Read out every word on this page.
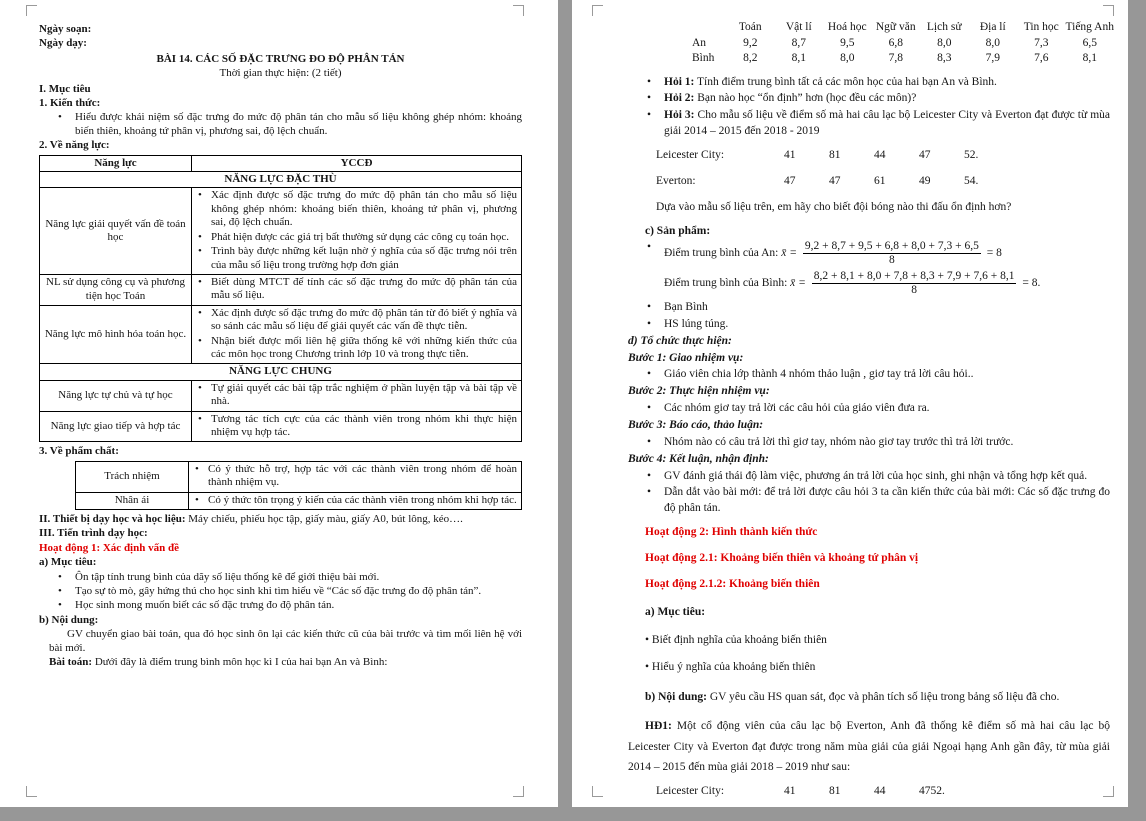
Ngày soạn:

Ngày dạy:

BÀI 14. CÁC SỐ ĐẶC TRƯNG ĐO ĐỘ PHÂN TÁN

Thời gian thực hiện: (2 tiết)

I. Mục tiêu

1. Kiến thức:

• Hiểu được khái niệm số đặc trưng đo mức độ phân tán cho mẫu số liệu không ghép nhóm: khoảng biến thiên, khoảng tứ phân vị, phương sai, độ lệch chuẩn.

2. Về năng lực:

Năng lực	YCCĐ
NĂNG LỰC ĐẶC THÙ	
Năng lực giải quyết vấn đề toán học	• Xác định được số đặc trưng đo mức độ phân tán cho mẫu số liệu không ghép nhóm: khoảng biến thiên, khoảng tứ phân vị, phương sai, độ lệch chuẩn.
• Phát hiện được các giá trị bất thường sử dụng các công cụ toán học.
• Trình bày được những kết luận nhờ ý nghĩa của số đặc trưng nói trên của mẫu số liệu trong trường hợp đơn giản

NL sử dụng công cụ và phương tiện học Toán	• Biết dùng MTCT để tính các số đặc trưng đo mức độ phân tán của mẫu số liệu.

Năng lực mô hình hóa toán học.	• Xác định được số đặc trưng đo mức độ phân tán từ đó biết ý nghĩa và so sánh các mẫu số liệu để giải quyết các vấn đề thực tiễn.
• Nhận biết được mối liên hệ giữa thống kê với những kiến thức của các môn học trong Chương trình lớp 10 và trong thực tiễn.

NĂNG LỰC CHUNG	
Năng lực tự chủ và tự học	• Tự giải quyết các bài tập trắc nghiệm ở phần luyện tập và bài tập về nhà.

Năng lực giao tiếp và hợp tác	• Tương tác tích cực của các thành viên trong nhóm khi thực hiện nhiệm vụ hợp tác.

3. Về phẩm chất:

Trách nhiệm	• Có ý thức hỗ trợ, hợp tác với các thành viên trong nhóm để hoàn thành nhiệm vụ.

Nhân ái	• Có ý thức tôn trọng ý kiến của các thành viên trong nhóm khi hợp tác.

II. Thiết bị dạy học và học liệu: Máy chiếu, phiếu học tập, giấy màu, giấy A0, bút lông, kéo….

III. Tiến trình dạy học:

Hoạt động 1: Xác định vấn đề

a) Mục tiêu:

• Ôn tập tính trung bình của dãy số liệu thống kê để giới thiệu bài mới.
• Tạo sự tò mò, gây hứng thú cho học sinh khi tìm hiểu về “Các số đặc trưng đo độ phân tán”.
• Học sinh mong muốn biết các số đặc trưng đo độ phân tán.

b) Nội dung:

GV chuyển giao bài toán, qua đó học sinh ôn lại các kiến thức cũ của bài trước và tìm mối liên hệ với bài mới.

Bài toán: Dưới đây là điểm trung bình môn học kì I của hai bạn An và Bình:

	Toán	Vật lí	Hoá học	Ngữ văn	Lịch sử	Địa lí	Tin học	Tiếng Anh
An	9,2	8,7	9,5	6,8	8,0	8,0	7,3	6,5
Bình	8,2	8,1	8,0	7,8	8,3	7,9	7,6	8,1
• Hỏi 1: Tính điểm trung bình tất cả các môn học của hai bạn An và Bình.
• Hỏi 2: Bạn nào học “ổn định” hơn (học đều các môn)?
• Hỏi 3: Cho mẫu số liệu về điểm số mà hai câu lạc bộ Leicester City và Everton đạt được từ mùa giải 2014 – 2015 đến 2018 - 2019

Leicester City:	41	81	44	47	52.

Everton:	47	47	61	49	54.

Dựa vào mẫu số liệu trên, em hãy cho biết đội bóng nào thi đấu ổn định hơn?

c) Sản phẩm:

• Điểm trung bình của An: x̄ = $\frac{9,2 + 8,7 + 9,5 + 6,8 + 8,0 + 7,3 + 6,5}{8} = 8$
Điểm trung bình của Bình: x̄ = $\frac{8,2 + 8,1 + 8,0 + 7,8 + 8,3 + 7,9 + 7,6 + 8,1}{8} = 8$.
• Bạn Bình
• HS lúng túng.

d) Tổ chức thực hiện:

Bước 1: Giao nhiệm vụ:

• Giáo viên chia lớp thành 4 nhóm thảo luận , giơ tay trả lời câu hỏi..

Bước 2: Thực hiện nhiệm vụ:

• Các nhóm giơ tay trả lời các câu hỏi của giáo viên đưa ra.

Bước 3: Báo cáo, thảo luận:

• Nhóm nào có câu trả lời thì giơ tay, nhóm nào giơ tay trước thì trả lời trước.

Bước 4: Kết luận, nhận định:

• GV đánh giá thái độ làm việc, phương án trả lời của học sinh, ghi nhận và tổng hợp kết quả.
• Dẫn dắt vào bài mới: để trả lời được câu hỏi 3 ta cần kiến thức của bài mới: Các số đặc trưng đo độ phân tán.

Hoạt động 2: Hình thành kiến thức

Hoạt động 2.1: Khoảng biến thiên và khoảng tứ phân vị

Hoạt động 2.1.2: Khoảng biến thiên

a) Mục tiêu:

• Biết định nghĩa của khoảng biến thiên

• Hiểu ý nghĩa của khoảng biến thiên

b) Nội dung: GV yêu cầu HS quan sát, đọc và phân tích số liệu trong bảng số liệu đã cho.

HĐ1: Một cổ động viên của câu lạc bộ Everton, Anh đã thống kê điểm số mà hai câu lạc bộ Leicester City và Everton đạt được trong năm mùa giải của giải Ngoại hạng Anh gần đây, từ mùa giải 2014 – 2015 đến mùa giải 2018 – 2019 như sau:

Leicester City:	41	81	44	4752.
